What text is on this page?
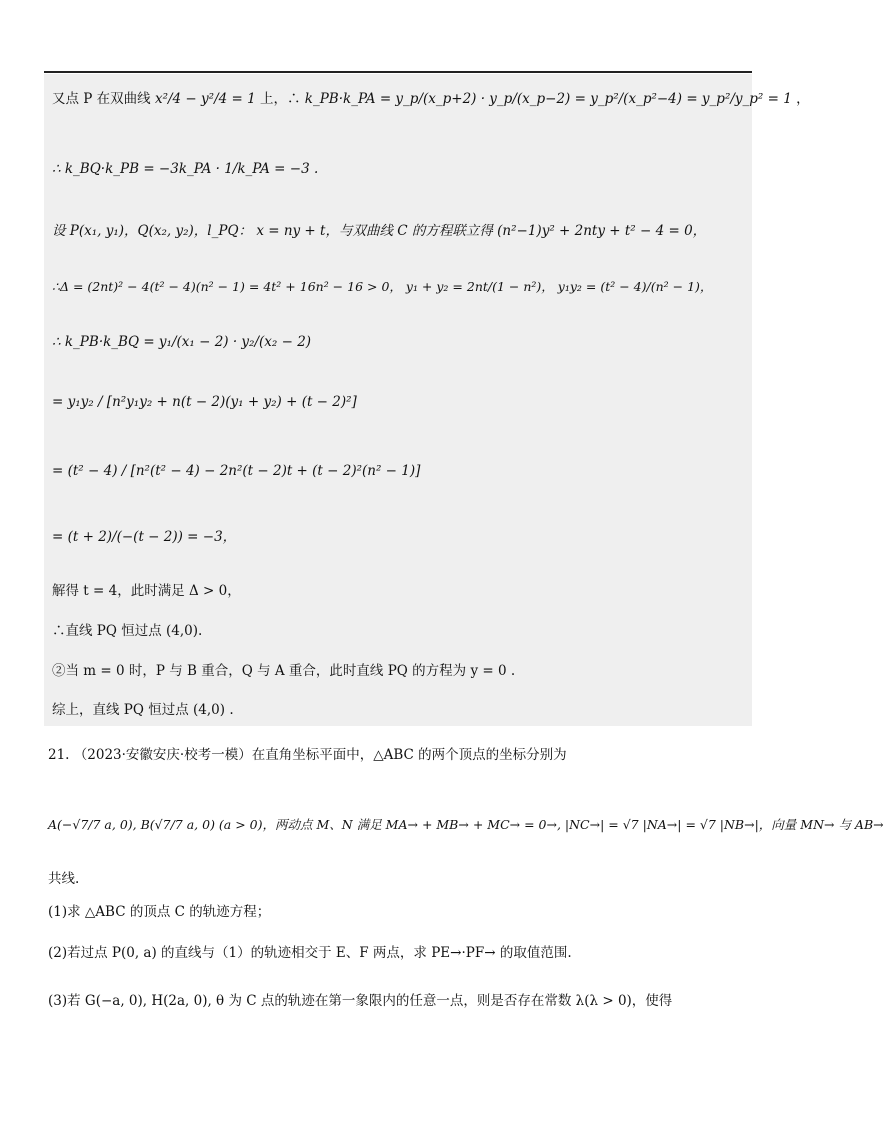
又点 P 在双曲线 x²/4 − y²/4 = 1 上，∴ k_PB·k_PA = y_p/(x_p+2) · y_p/(x_p−2) = y_p²/(x_p²−4) = y_p²/y_p² = 1 ，
∴ k_BQ·k_PB = −3k_PA · 1/k_PA = −3 .
设 P(x₁, y₁)，Q(x₂, y₂)，l_PQ： x = ny + t，与双曲线 C 的方程联立得 (n²−1)y² + 2nty + t² − 4 = 0，
∴Δ = (2nt)² − 4(t² − 4)(n² − 1) = 4t² + 16n² − 16 > 0， y₁ + y₂ = 2nt/(1 − n²)， y₁y₂ = (t² − 4)/(n² − 1)，
∴ k_PB·k_BQ = y₁/(x₁ − 2) · y₂/(x₂ − 2)
= y₁y₂ / [n²y₁y₂ + n(t − 2)(y₁ + y₂) + (t − 2)²]
= (t² − 4) / [n²(t² − 4) − 2n²(t − 2)t + (t − 2)²(n² − 1)]
= (t + 2)/(−(t − 2)) = −3，
解得 t = 4，此时满足 Δ > 0，
∴直线 PQ 恒过点 (4,0).
②当 m = 0 时，P 与 B 重合，Q 与 A 重合，此时直线 PQ 的方程为 y = 0 .
综上，直线 PQ 恒过点 (4,0) .
21. （2023·安徽安庆·校考一模）在直角坐标平面中，△ABC 的两个顶点的坐标分别为
A(−√7/7 a, 0), B(√7/7 a, 0) (a > 0)，两动点 M、N 满足 MA→ + MB→ + MC→ = 0→, |NC→| = √7 |NA→| = √7 |NB→|，向量 MN→ 与 AB→
共线.
(1)求 △ABC 的顶点 C 的轨迹方程；
(2)若过点 P(0, a) 的直线与（1）的轨迹相交于 E、F 两点，求 PE→·PF→ 的取值范围.
(3)若 G(−a, 0), H(2a, 0), θ 为 C 点的轨迹在第一象限内的任意一点，则是否存在常数 λ(λ > 0)，使得
